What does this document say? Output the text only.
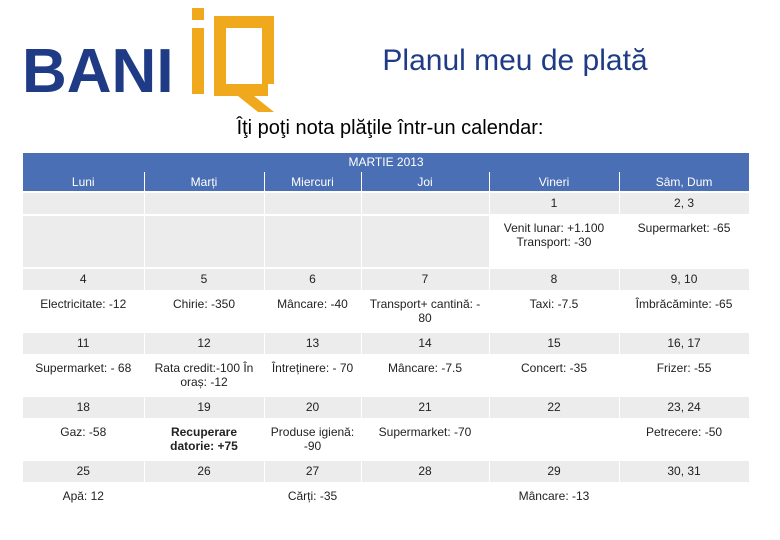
BANI
IQ
Planul meu de plată
Îţi poţi nota plăţile într-un calendar:
MARTIE 2013					
Luni	Marți	Miercuri	Joi	Vineri	Sâm, Dum
				1	2, 3
				Venit lunar: +1.100 Transport: -30	Supermarket: -65
4	5	6	7	8	9, 10
Electricitate: -12	Chirie: -350	Mâncare: -40	Transport+ cantină: - 80	Taxi: -7.5	Îmbrăcăminte: -65
11	12	13	14	15	16, 17
Supermarket: - 68	Rata credit:-100 În oraș: -12	Întreținere: - 70	Mâncare: -7.5	Concert: -35	Frizer: -55
18	19	20	21	22	23, 24
Gaz: -58	Recuperare datorie: +75	Produse igienă: -90	Supermarket: -70		Petrecere: -50
25	26	27	28	29	30, 31
Apă: 12		Cărți: -35		Mâncare: -13	
